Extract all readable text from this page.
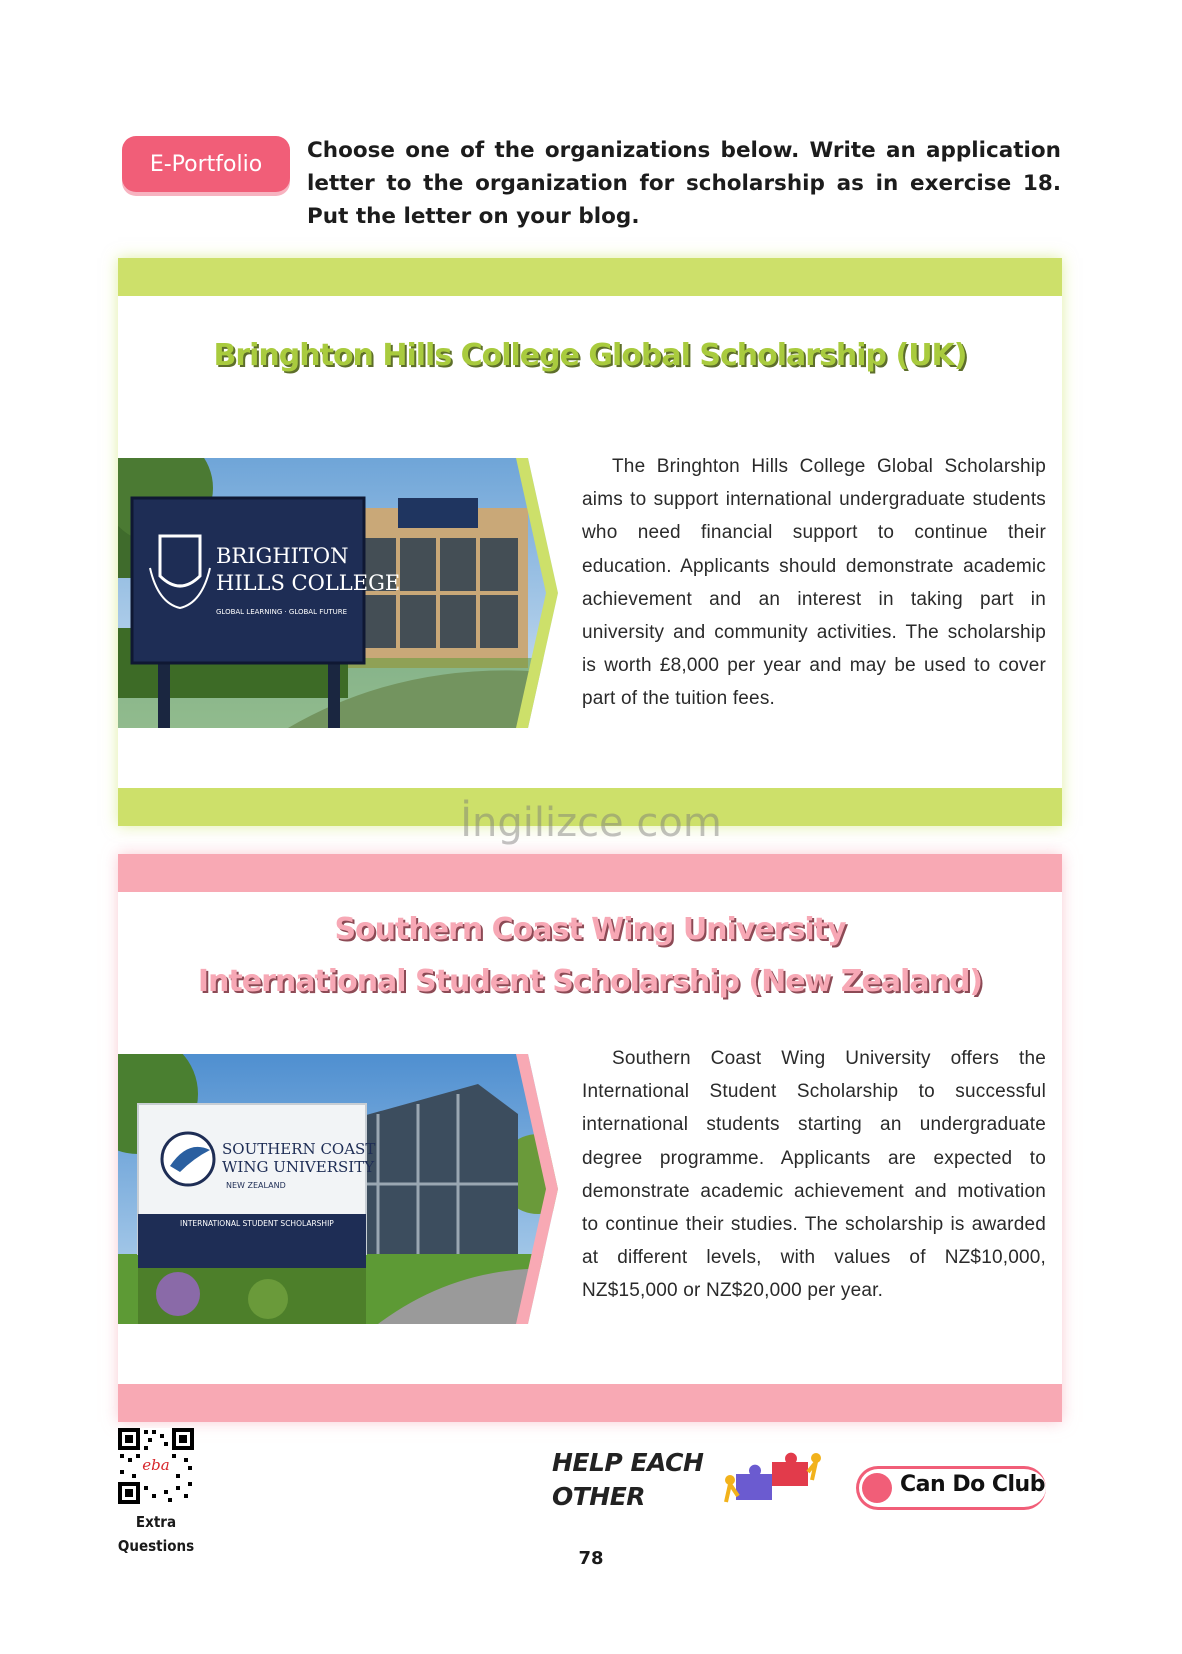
E-Portfolio

Choose one of the organizations below. Write an application letter to the organization for scholarship as in exercise 18. Put the letter on your blog.

Bringhton Hills College Global Scholarship (UK)
BRIGHITON
HILLS COLLEGE
GLOBAL LEARNING · GLOBAL FUTURE

The Bringhton Hills College Global Scholarship aims to support international undergraduate students who need financial support to continue their education. Applicants should demonstrate academic achievement and an interest in taking part in university and community activities. The scholarship is worth £8,000 per year and may be used to cover part of the tuition fees.

İngilizce com
Southern Coast Wing University
International Student Scholarship (New Zealand)
SOUTHERN COAST
WING UNIVERSITY
NEW ZEALAND
INTERNATIONAL STUDENT SCHOLARSHIP

Southern Coast Wing University offers the International Student Scholarship to successful international students starting an undergraduate degree programme. Applicants are expected to demonstrate academic achievement and motivation to continue their studies. The scholarship is awarded at different levels, with values of NZ$10,000, NZ$15,000 or NZ$20,000 per year.

eba
Extra
Questions
HELP EACH
OTHER	Can Do Club
78
